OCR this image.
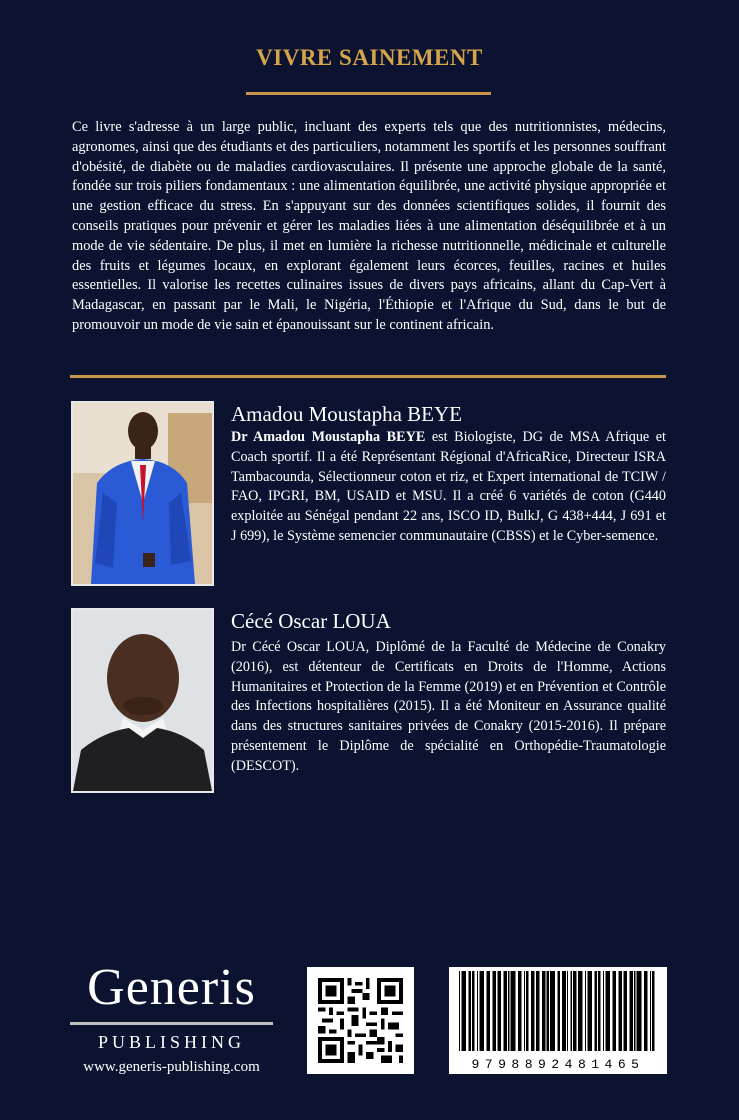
VIVRE SAINEMENT
Ce livre s'adresse à un large public, incluant des experts tels que des nutritionnistes, médecins, agronomes, ainsi que des étudiants et des particuliers, notamment les sportifs et les personnes souffrant d'obésité, de diabète ou de maladies cardiovasculaires. Il présente une approche globale de la santé, fondée sur trois piliers fondamentaux : une alimentation équilibrée, une activité physique appropriée et une gestion efficace du stress. En s'appuyant sur des données scientifiques solides, il fournit des conseils pratiques pour prévenir et gérer les maladies liées à une alimentation déséquilibrée et à un mode de vie sédentaire. De plus, il met en lumière la richesse nutritionnelle, médicinale et culturelle des fruits et légumes locaux, en explorant également leurs écorces, feuilles, racines et huiles essentielles. Il valorise les recettes culinaires issues de divers pays africains, allant du Cap-Vert à Madagascar, en passant par le Mali, le Nigéria, l'Éthiopie et l'Afrique du Sud, dans le but de promouvoir un mode de vie sain et épanouissant sur le continent africain.
Amadou Moustapha BEYE
Dr Amadou Moustapha BEYE est Biologiste, DG de MSA Afrique et Coach sportif. Il a été Représentant Régional d'AfricaRice, Directeur ISRA Tambacounda, Sélectionneur coton et riz, et Expert international de TCIW / FAO, IPGRI, BM, USAID et MSU. Il a créé 6 variétés de coton (G440 exploitée au Sénégal pendant 22 ans, ISCO ID, BulkJ, G 438+444, J 691 et J 699), le Système semencier communautaire (CBSS) et le Cyber-semence.
Cécé Oscar LOUA
Dr Cécé Oscar LOUA, Diplômé de la Faculté de Médecine de Conakry (2016), est détenteur de Certificats en Droits de l'Homme, Actions Humanitaires et Protection de la Femme (2019) et en Prévention et Contrôle des Infections hospitalières (2015). Il a été Moniteur en Assurance qualité dans des structures sanitaires privées de Conakry (2015-2016). Il prépare présentement le Diplôme de spécialité en Orthopédie-Traumatologie (DESCOT).
Generis
PUBLISHING
www.generis-publishing.com	9798892481465
